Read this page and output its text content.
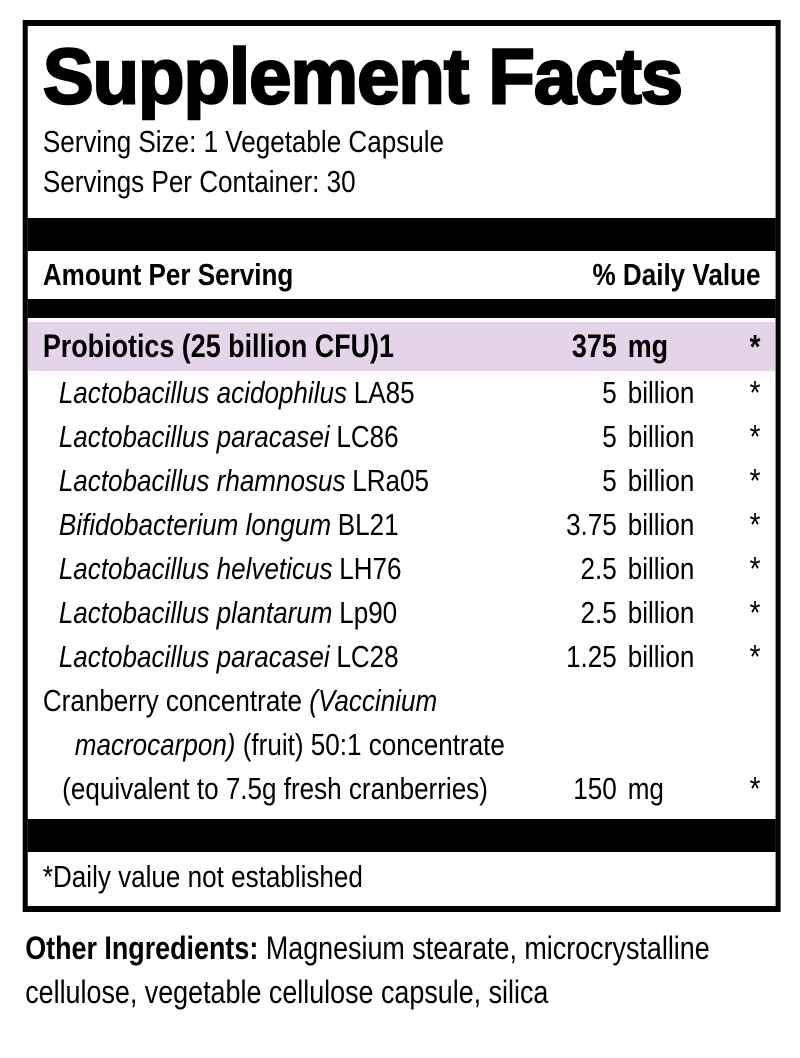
Supplement Facts
Serving Size: 1 Vegetable Capsule
Servings Per Container: 30
Amount Per Serving	% Daily Value
Probiotics (25 billion CFU)1	375 mg	*
Lactobacillus acidophilus LA85	5 billion	*
Lactobacillus paracasei LC86	5 billion	*
Lactobacillus rhamnosus LRa05	5 billion	*
Bifidobacterium longum BL21	3.75 billion	*
Lactobacillus helveticus LH76	2.5 billion	*
Lactobacillus plantarum Lp90	2.5 billion	*
Lactobacillus paracasei LC28	1.25 billion	*
Cranberry concentrate (Vaccinium
macrocarpon) (fruit) 50:1 concentrate
(equivalent to 7.5g fresh cranberries)	150 mg	*
*Daily value not established
Other Ingredients: Magnesium stearate, microcrystalline
cellulose, vegetable cellulose capsule, silica
